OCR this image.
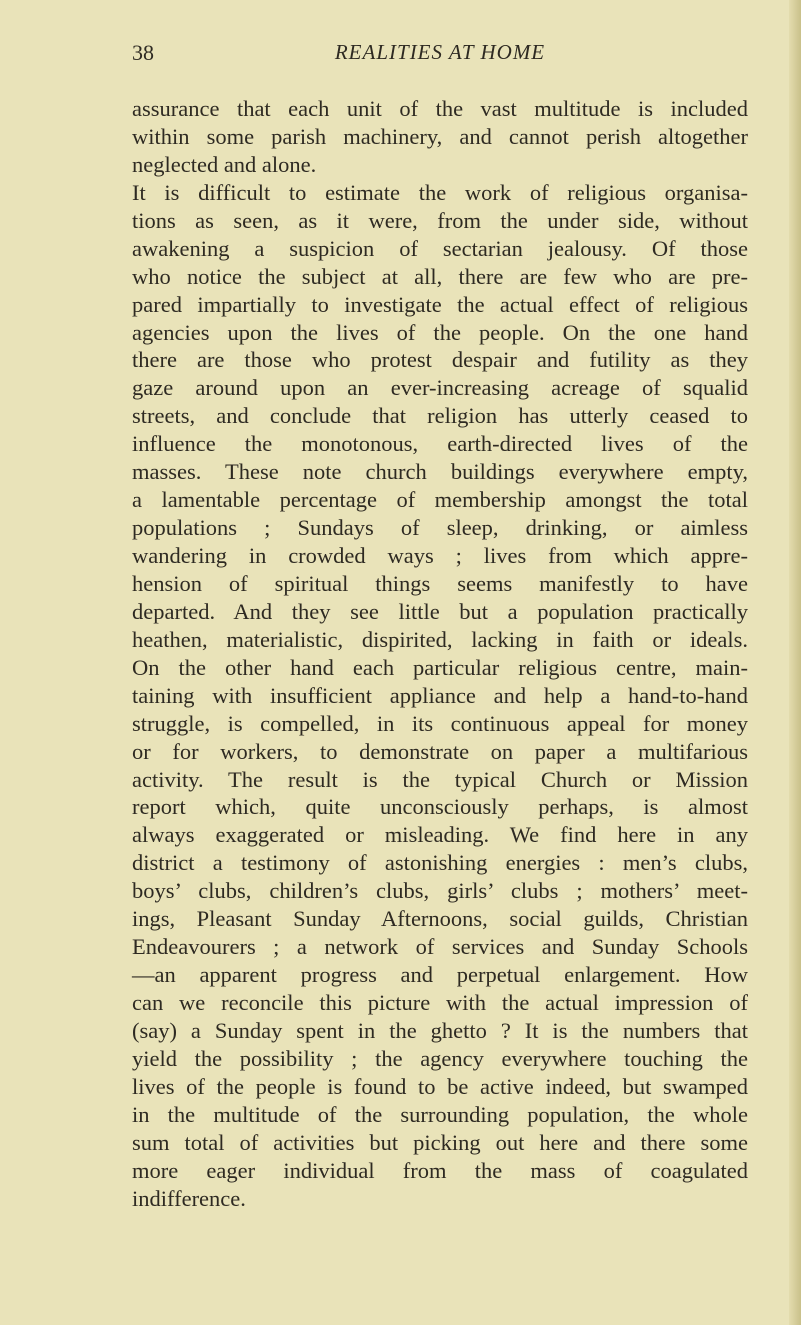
38	REALITIES AT HOME
assurance that each unit of the vast multitude is included
within some parish machinery, and cannot perish altogether
neglected and alone.
It is difficult to estimate the work of religious organisa-
tions as seen, as it were, from the under side, without
awakening a suspicion of sectarian jealousy. Of those
who notice the subject at all, there are few who are pre-
pared impartially to investigate the actual effect of religious
agencies upon the lives of the people. On the one hand
there are those who protest despair and futility as they
gaze around upon an ever-increasing acreage of squalid
streets, and conclude that religion has utterly ceased to
influence the monotonous, earth-directed lives of the
masses. These note church buildings everywhere empty,
a lamentable percentage of membership amongst the total
populations ; Sundays of sleep, drinking, or aimless
wandering in crowded ways ; lives from which appre-
hension of spiritual things seems manifestly to have
departed. And they see little but a population practically
heathen, materialistic, dispirited, lacking in faith or ideals.
On the other hand each particular religious centre, main-
taining with insufficient appliance and help a hand-to-hand
struggle, is compelled, in its continuous appeal for money
or for workers, to demonstrate on paper a multifarious
activity. The result is the typical Church or Mission
report which, quite unconsciously perhaps, is almost
always exaggerated or misleading. We find here in any
district a testimony of astonishing energies : men’s clubs,
boys’ clubs, children’s clubs, girls’ clubs ; mothers’ meet-
ings, Pleasant Sunday Afternoons, social guilds, Christian
Endeavourers ; a network of services and Sunday Schools
—an apparent progress and perpetual enlargement. How
can we reconcile this picture with the actual impression of
(say) a Sunday spent in the ghetto ? It is the numbers that
yield the possibility ; the agency everywhere touching the
lives of the people is found to be active indeed, but swamped
in the multitude of the surrounding population, the whole
sum total of activities but picking out here and there some
more eager individual from the mass of coagulated
indifference.
